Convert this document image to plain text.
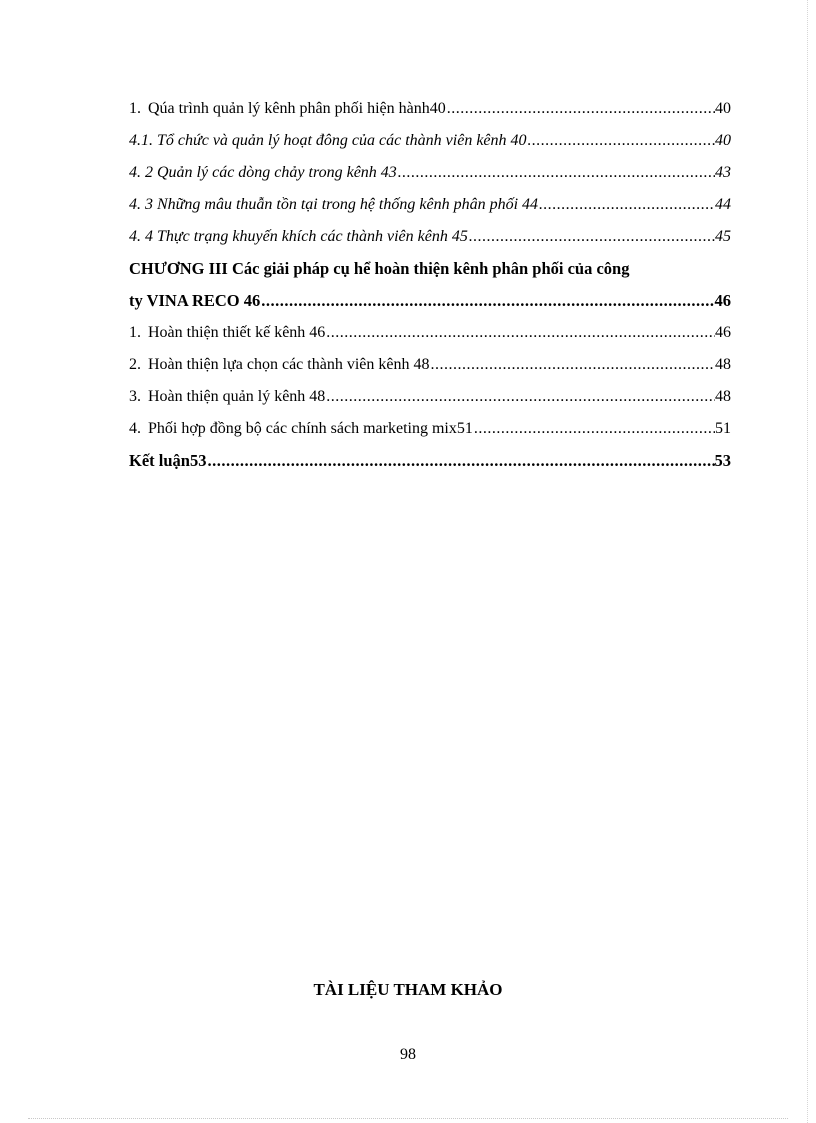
1. Qúa trình quản lý kênh phân phối hiện hành40 .....	40
4.1. Tổ chức và quản lý hoạt đông của các thành viên kênh 40 .....	40
4. 2 Quản lý các dòng chảy trong kênh 43 .....	43
4. 3 Những mâu thuẫn tồn tại trong hệ thống kênh phân phối 44 .....	44
4. 4 Thực trạng khuyến khích các thành viên kênh 45 .....	45
CHƯƠNG III Các giải pháp cụ hể hoàn thiện kênh phân phối của công
ty VINA RECO 46 .....	46
1. Hoàn thiện thiết kế kênh 46 .....	46
2. Hoàn thiện lựa chọn các thành viên kênh 48 .....	48
3. Hoàn thiện quản lý kênh 48 .....	48
4. Phối hợp đồng bộ các chính sách marketing mix51 .....	51
Kết luận53 .....	53
TÀI LIỆU THAM KHẢO
98
